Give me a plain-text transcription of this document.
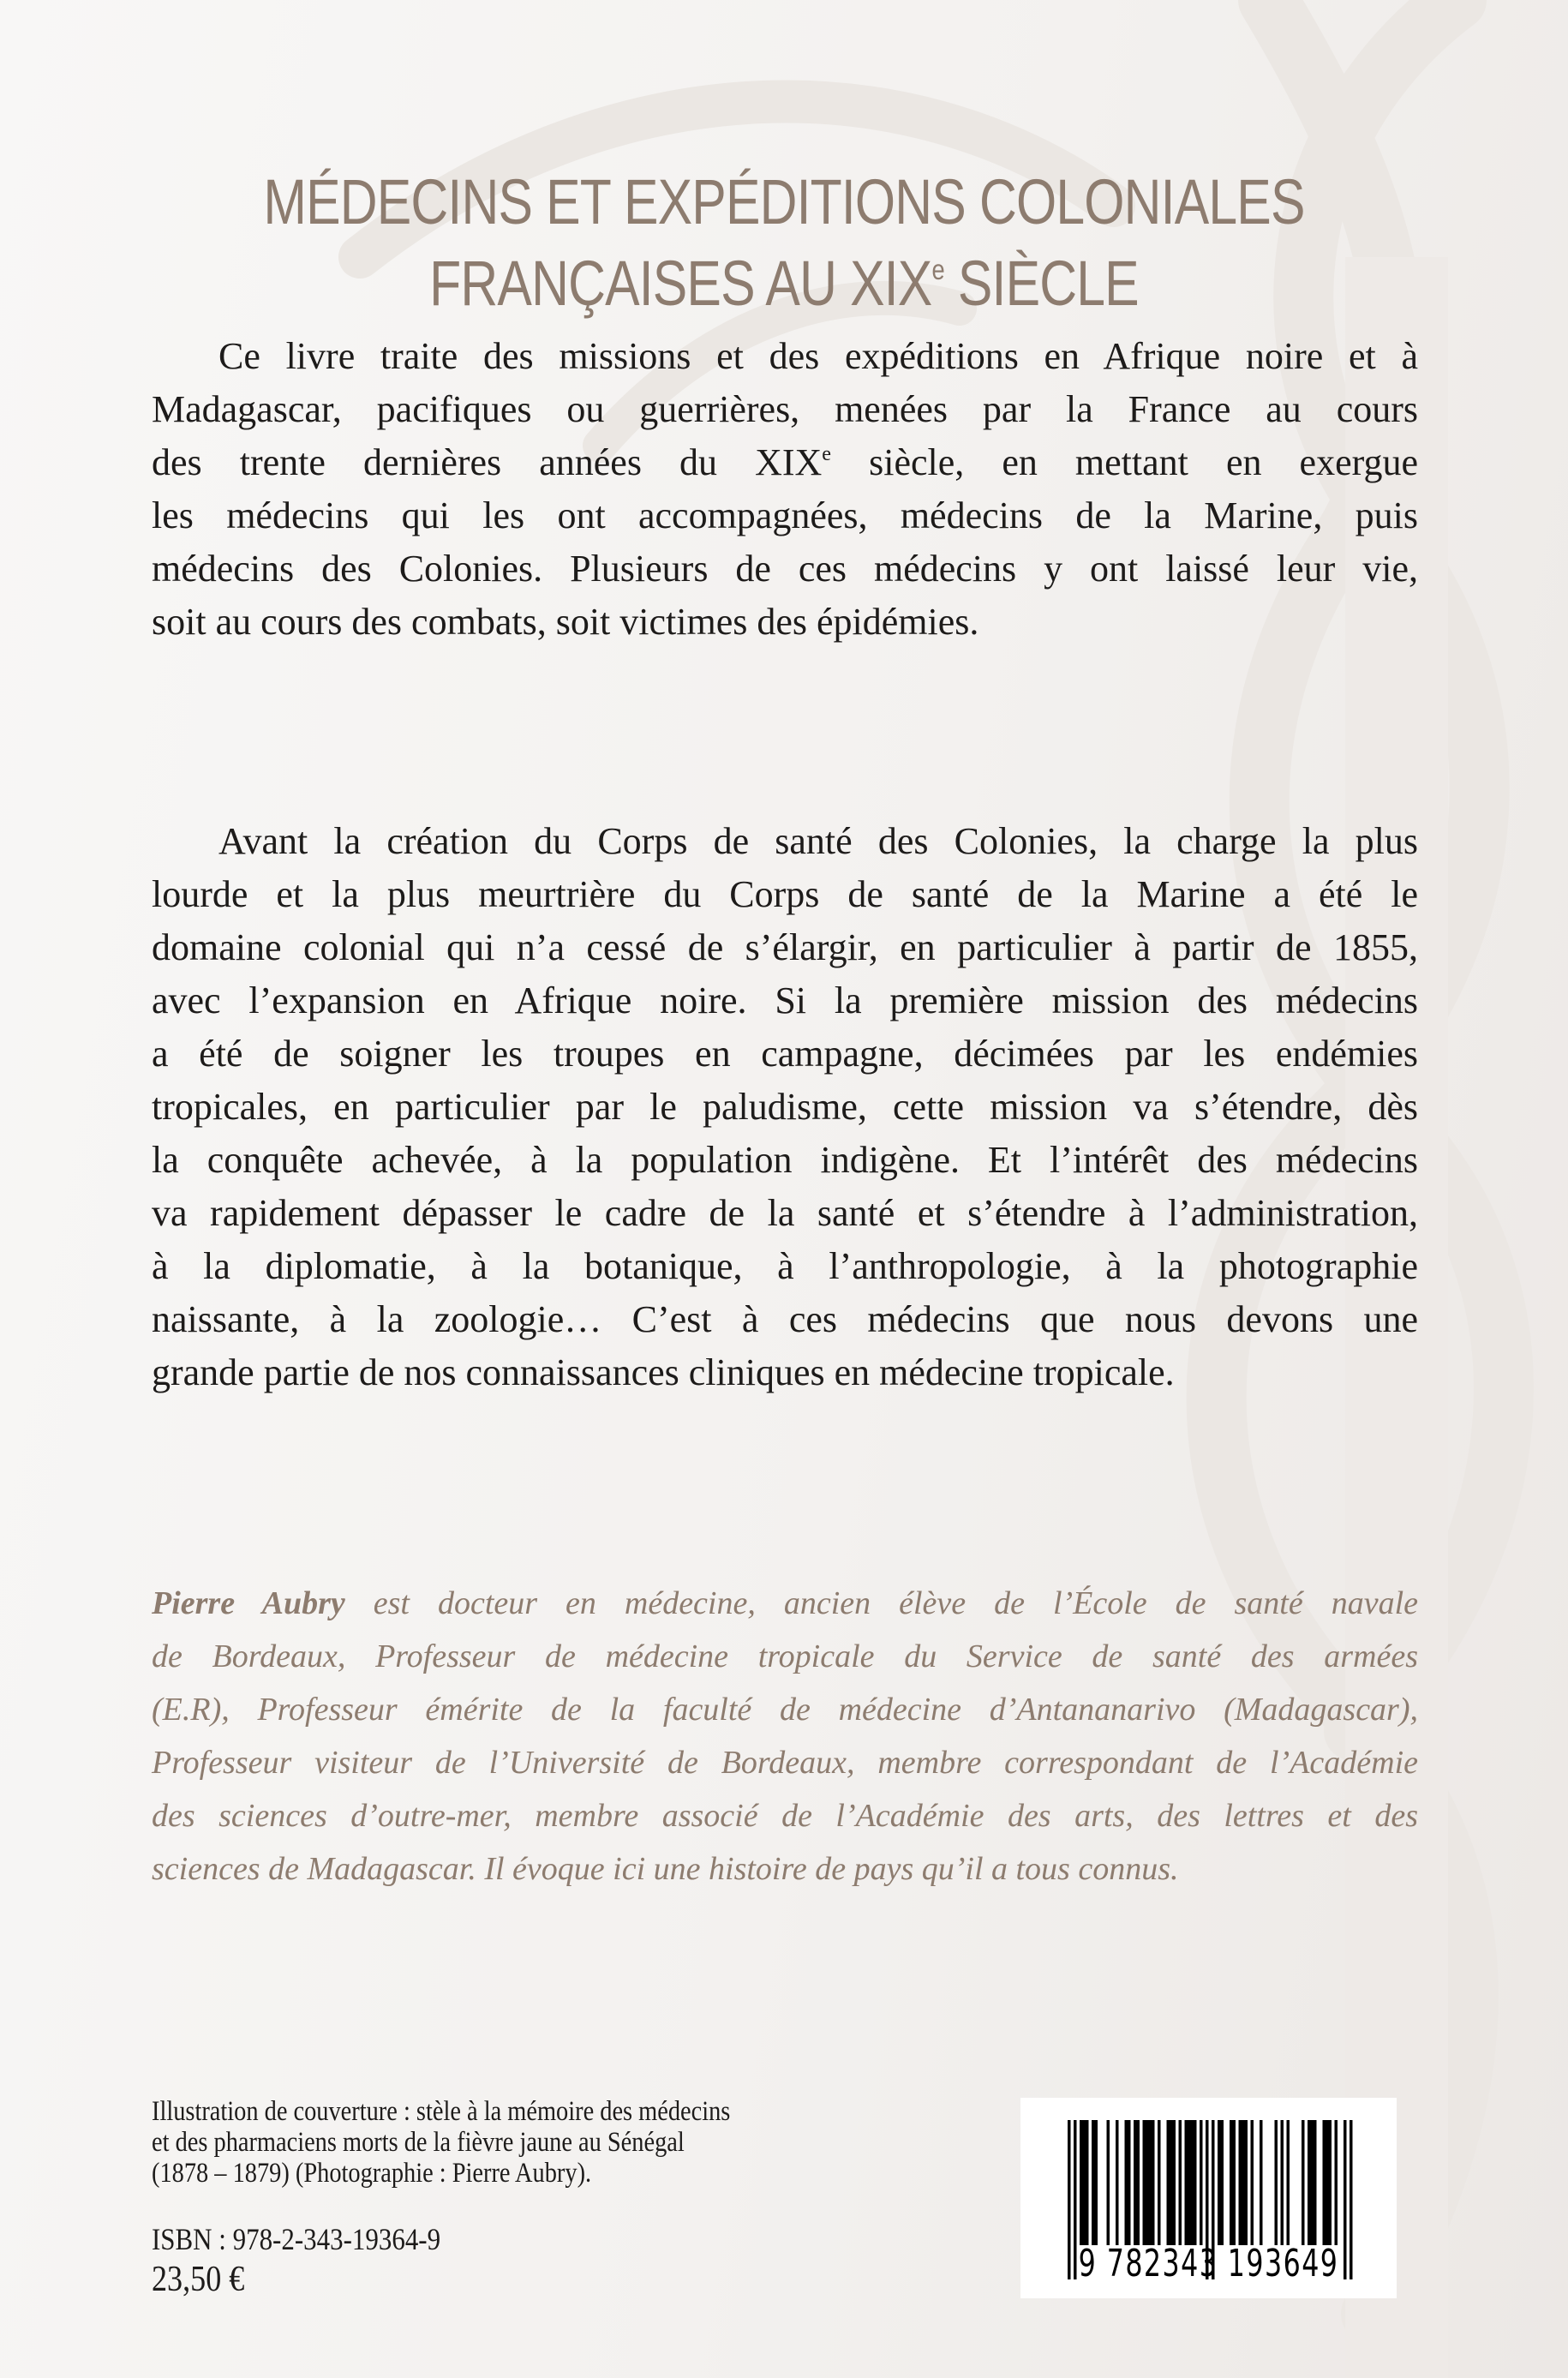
MÉDECINS ET EXPÉDITIONS COLONIALES
FRANÇAISES AU XIXe SIÈCLE
Ce livre traite des missions et des expéditions en Afrique noire et à
Madagascar, pacifiques ou guerrières, menées par la France au cours
des trente dernières années du XIXe siècle, en mettant en exergue
les médecins qui les ont accompagnées, médecins de la Marine, puis
médecins des Colonies. Plusieurs de ces médecins y ont laissé leur vie,
soit au cours des combats, soit victimes des épidémies.
Avant la création du Corps de santé des Colonies, la charge la plus
lourde et la plus meurtrière du Corps de santé de la Marine a été le
domaine colonial qui n’a cessé de s’élargir, en particulier à partir de 1855,
avec l’expansion en Afrique noire. Si la première mission des médecins
a été de soigner les troupes en campagne, décimées par les endémies
tropicales, en particulier par le paludisme, cette mission va s’étendre, dès
la conquête achevée, à la population indigène. Et l’intérêt des médecins
va rapidement dépasser le cadre de la santé et s’étendre à l’administration,
à la diplomatie, à la botanique, à l’anthropologie, à la photographie
naissante, à la zoologie… C’est à ces médecins que nous devons une
grande partie de nos connaissances cliniques en médecine tropicale.
Pierre Aubry est docteur en médecine, ancien élève de l’École de santé navale
de Bordeaux, Professeur de médecine tropicale du Service de santé des armées
(E.R), Professeur émérite de la faculté de médecine d’Antananarivo (Madagascar),
Professeur visiteur de l’Université de Bordeaux, membre correspondant de l’Académie
des sciences d’outre-mer, membre associé de l’Académie des arts, des lettres et des
sciences de Madagascar. Il évoque ici une histoire de pays qu’il a tous connus.
Illustration de couverture : stèle à la mémoire des médecins
et des pharmaciens morts de la fièvre jaune au Sénégal
(1878 – 1879) (Photographie : Pierre Aubry).
ISBN : 978-2-343-19364-9
23,50 €	9 782343 193649
